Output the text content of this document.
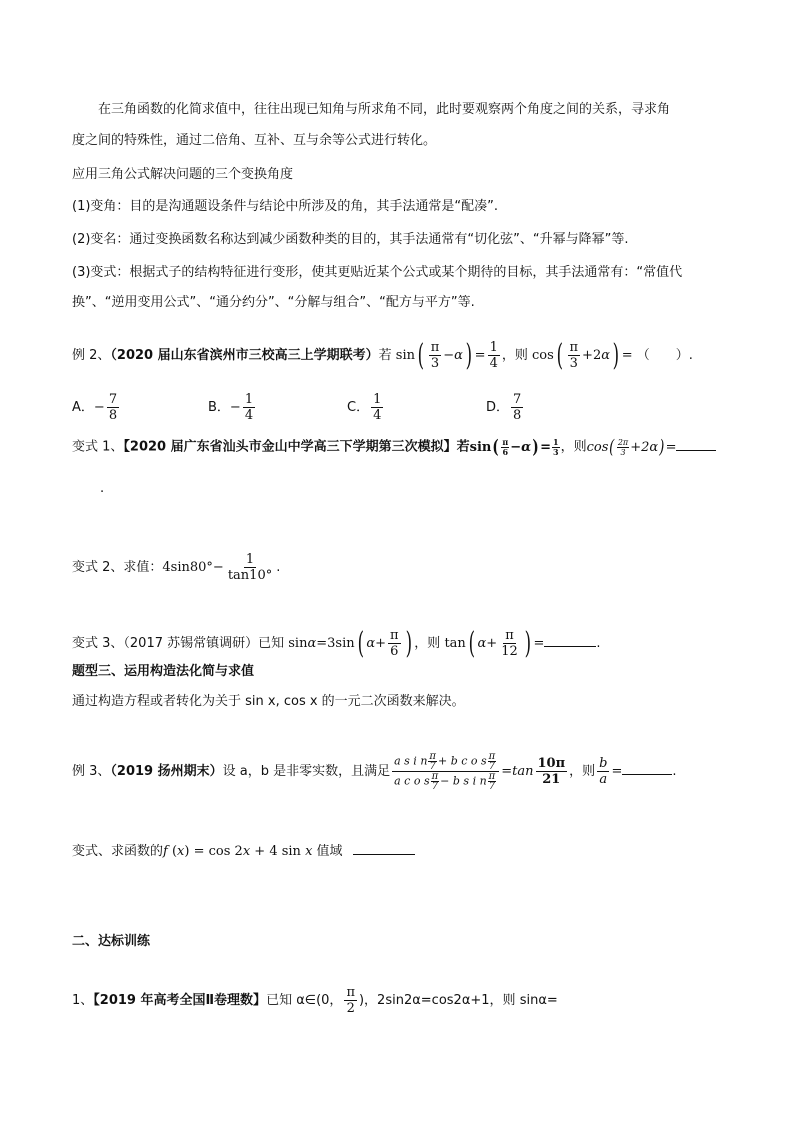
在三角函数的化简求值中，往往出现已知角与所求角不同，此时要观察两个角度之间的关系，寻求角
度之间的特殊性，通过二倍角、互补、互与余等公式进行转化。
应用三角公式解决问题的三个变换角度
(1)变角：目的是沟通题设条件与结论中所涉及的角，其手法通常是“配凑”.
(2)变名：通过变换函数名称达到减少函数种类的目的，其手法通常有“切化弦”、“升幂与降幂”等.
(3)变式：根据式子的结构特征进行变形，使其更贴近某个公式或某个期待的目标，其手法通常有：“常值代
换”、“逆用变用公式”、“通分约分”、“分解与组合”、“配方与平方”等.
例 2、（2020 届山东省滨州市三校高三上学期联考）若 $\sin( \frac{\pi}{3} -\alpha) = \frac{1}{4}$ ，则 $\cos( \frac{\pi}{3} +2\alpha)$ = （　　）.
A．− $\frac{7}{8}$	B．− $\frac{1}{4}$	C． $\frac{1}{4}$	D． $\frac{7}{8}$
变式 1、【2020 届广东省汕头市金山中学高三下学期第三次模拟】若$\sin( \frac{\pi}{6} -\alpha)= \frac{1}{3}$ ，则$\cos( \frac{2\pi}{3} +2\alpha)=$
.
变式 2、求值：$4\sin 80^\circ- \frac{1}{\tan 10^\circ}$ .
变式 3、（2017 苏锡常镇调研）已知 sinα=3sin( $\alpha+ \frac{\pi}{6}$ ) ，则 tan( $\alpha+ \frac{\pi}{12}$ ) =	.
题型三、运用构造法化简与求值
通过构造方程或者转化为关于 sin x, cos x 的一元二次函数来解决。
例 3、（2019 扬州期末）设 a，b 是非零实数，且满足 $\frac{a s i n \frac{\pi}{7} + b c o s \frac{\pi}{7}}{a c o s \frac{\pi}{7} - b s i n \frac{\pi}{7}} =\tan \frac{10\pi}{21}$ ，则 $\frac{b}{a}$ =	.
变式、求函数的f (x) = cos 2x + 4 sin x 值域
二、达标训练
1、【2019 年高考全国Ⅱ卷理数】已知 α∈(0， $\frac{\pi}{2}$ )，2sin2α=cos2α+1，则 sinα=
